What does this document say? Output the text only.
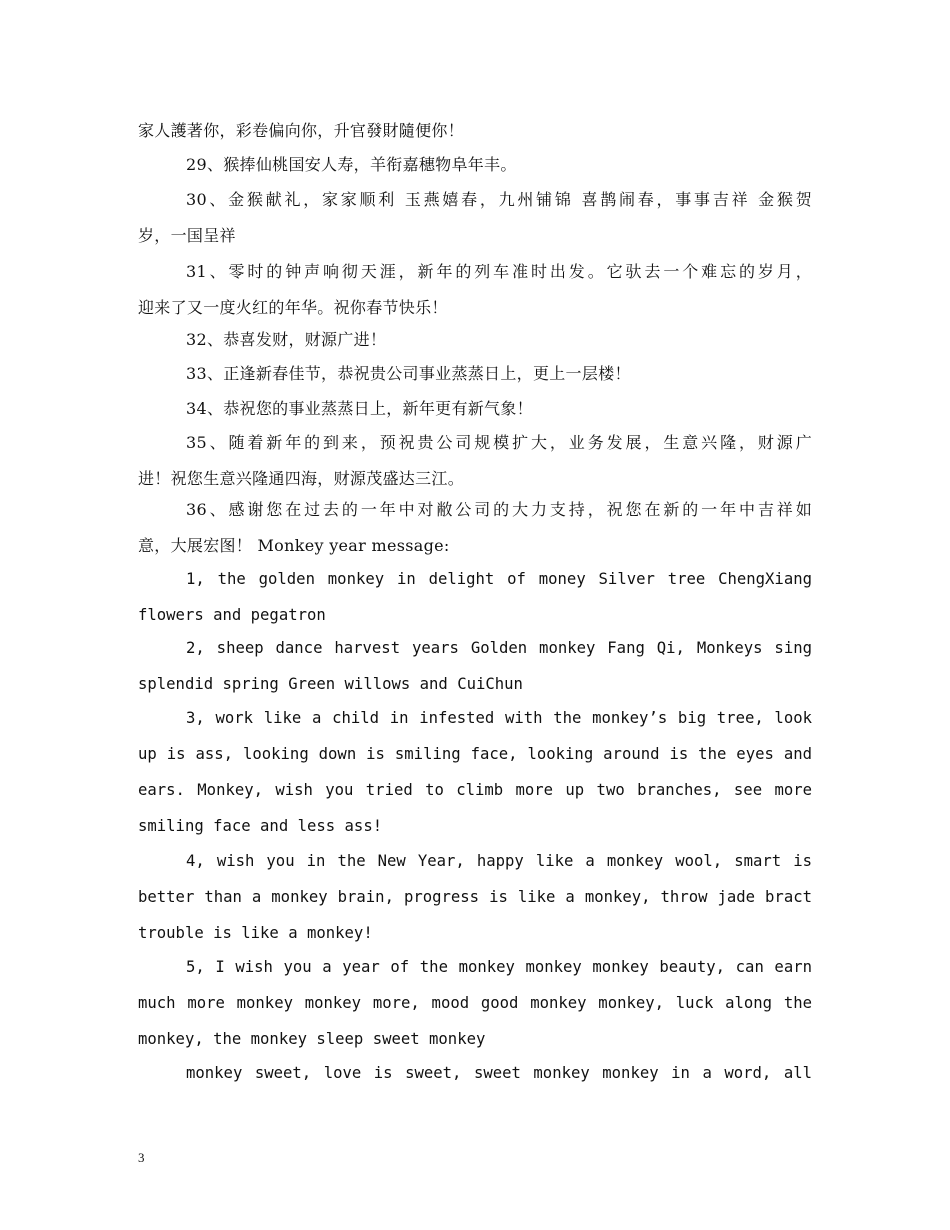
家人護著你，彩卷偏向你，升官發財隨便你！
29、猴捧仙桃国安人寿，羊衔嘉穗物阜年丰。
30、金猴献礼，家家顺利 玉燕嬉春，九州铺锦 喜鹊闹春，事事吉祥 金猴贺
岁，一国呈祥
31、零时的钟声响彻天涯，新年的列车准时出发。它驮去一个难忘的岁月，
迎来了又一度火红的年华。祝你春节快乐！
32、恭喜发财，财源广进！
33、正逢新春佳节，恭祝贵公司事业蒸蒸日上，更上一层楼！
34、恭祝您的事业蒸蒸日上，新年更有新气象！
35、随着新年的到来，预祝贵公司规模扩大，业务发展，生意兴隆，财源广
进！祝您生意兴隆通四海，财源茂盛达三江。
36、感谢您在过去的一年中对敝公司的大力支持，祝您在新的一年中吉祥如
意，大展宏图！ Monkey year message:
1, the golden monkey in delight of money Silver tree ChengXiang
flowers and pegatron
2, sheep dance harvest years Golden monkey Fang Qi, Monkeys sing
splendid spring Green willows and CuiChun
3, work like a child in infested with the monkey’s big tree, look
up is ass, looking down is smiling face, looking around is the eyes and
ears. Monkey, wish you tried to climb more up two branches, see more
smiling face and less ass!
4, wish you in the New Year, happy like a monkey wool, smart is
better than a monkey brain, progress is like a monkey, throw jade bract
trouble is like a monkey!
5, I wish you a year of the monkey monkey monkey beauty, can earn
much more monkey monkey more, mood good monkey monkey, luck along the
monkey, the monkey sleep sweet monkey
monkey sweet, love is sweet, sweet monkey monkey in a word, all
3
